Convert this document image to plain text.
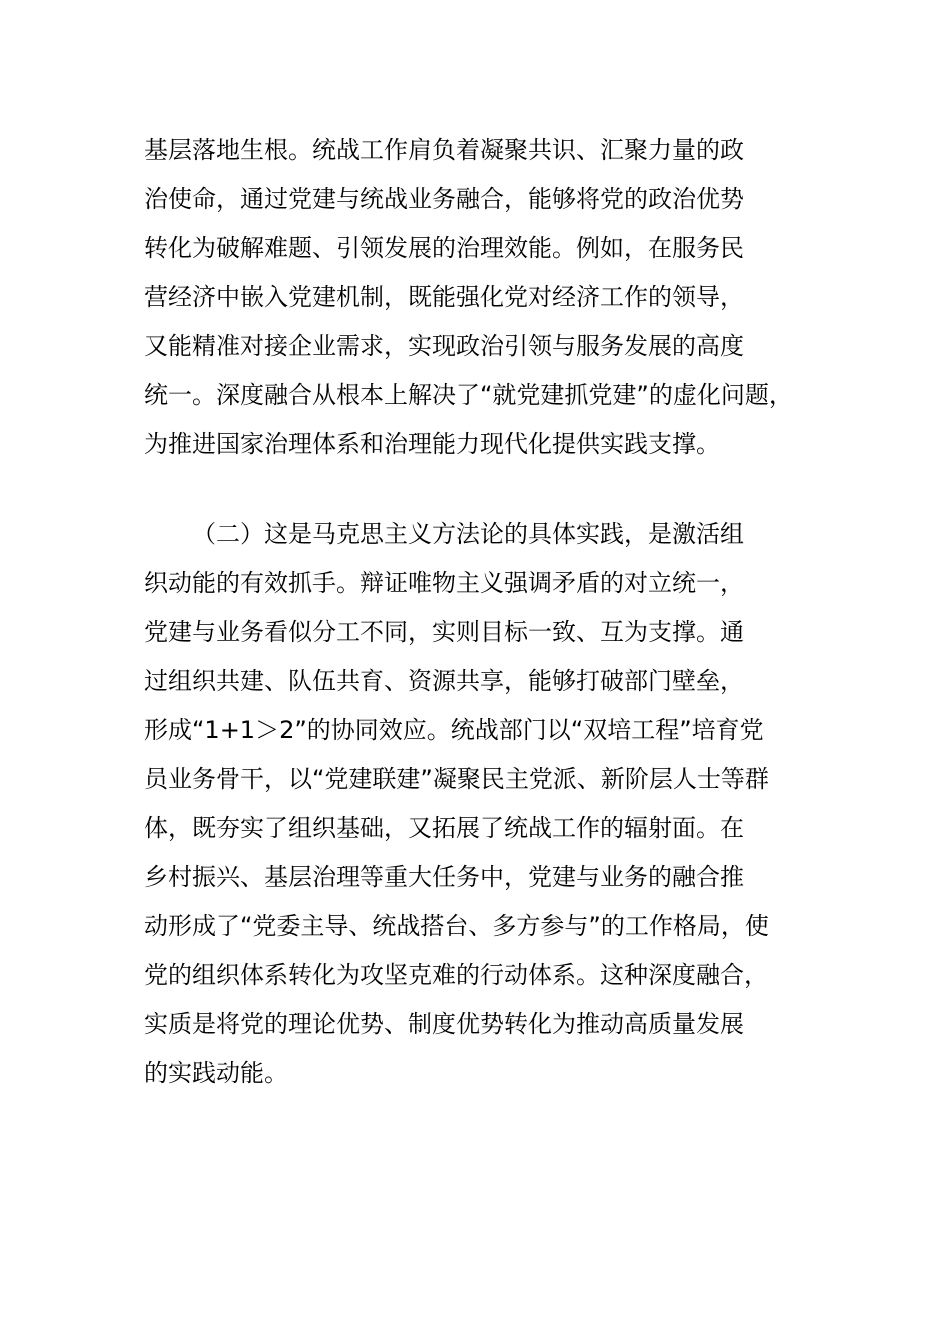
基层落地生根。统战工作肩负着凝聚共识、汇聚力量的政
治使命，通过党建与统战业务融合，能够将党的政治优势
转化为破解难题、引领发展的治理效能。例如，在服务民
营经济中嵌入党建机制，既能强化党对经济工作的领导，
又能精准对接企业需求，实现政治引领与服务发展的高度
统一。深度融合从根本上解决了“就党建抓党建”的虚化问题，
为推进国家治理体系和治理能力现代化提供实践支撑。
（二）这是马克思主义方法论的具体实践，是激活组
织动能的有效抓手。辩证唯物主义强调矛盾的对立统一，
党建与业务看似分工不同，实则目标一致、互为支撑。通
过组织共建、队伍共育、资源共享，能够打破部门壁垒，
形成“1+1＞2”的协同效应。统战部门以“双培工程”培育党
员业务骨干，以“党建联建”凝聚民主党派、新阶层人士等群
体，既夯实了组织基础，又拓展了统战工作的辐射面。在
乡村振兴、基层治理等重大任务中，党建与业务的融合推
动形成了“党委主导、统战搭台、多方参与”的工作格局，使
党的组织体系转化为攻坚克难的行动体系。这种深度融合，
实质是将党的理论优势、制度优势转化为推动高质量发展
的实践动能。
